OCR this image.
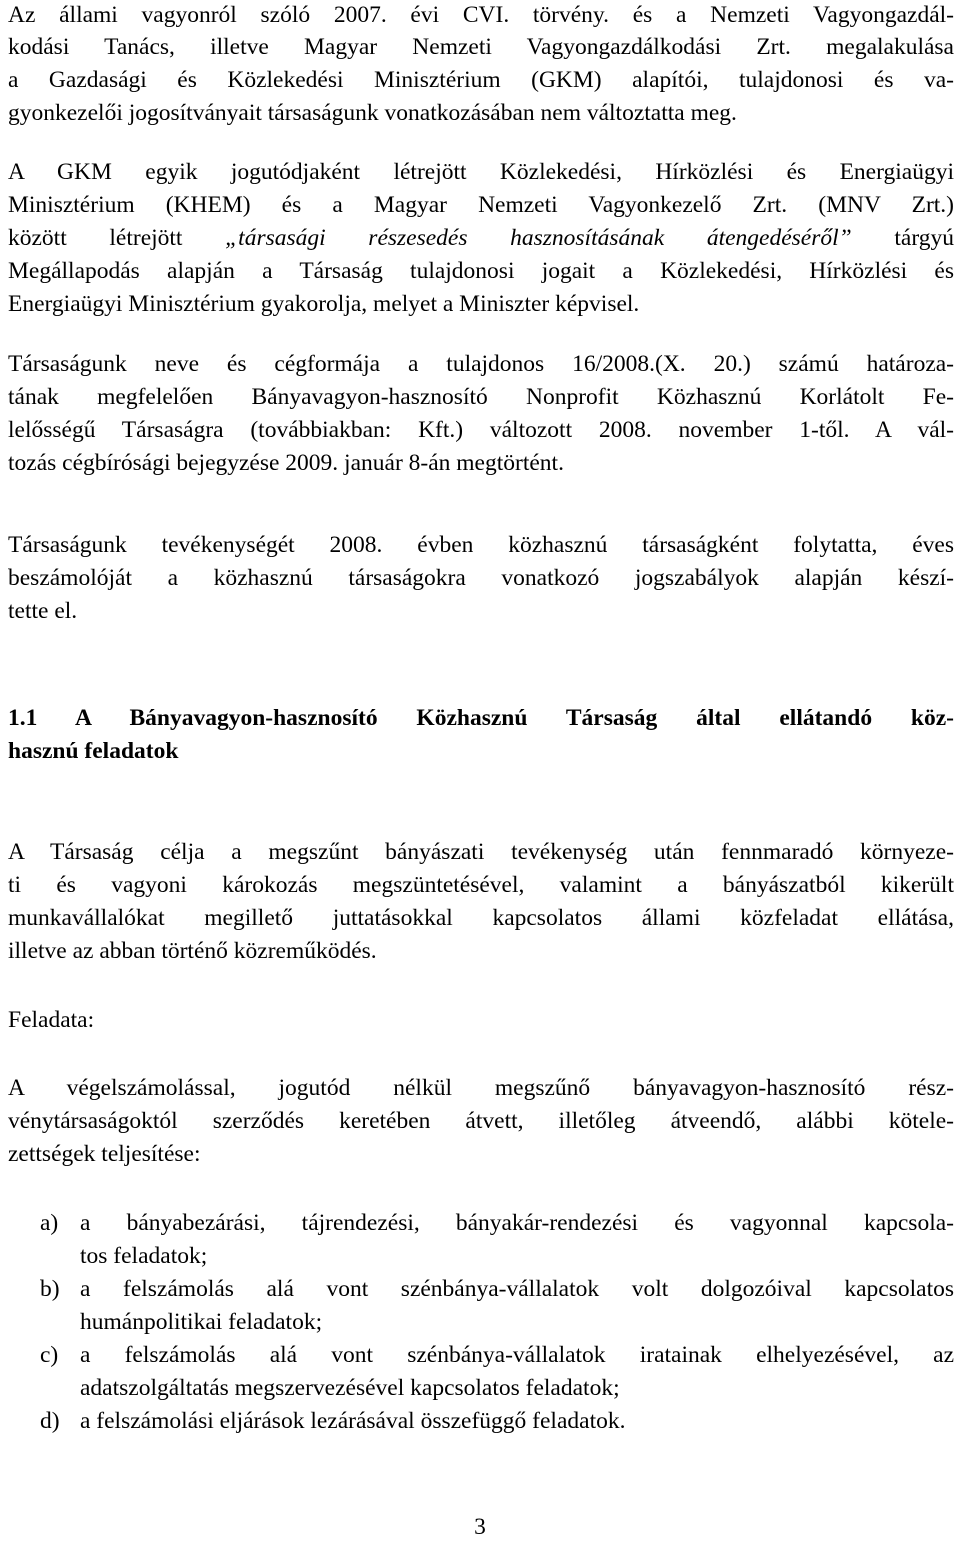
Az állami vagyonról szóló 2007. évi CVI. törvény. és a Nemzeti Vagyongazdál-
kodási Tanács, illetve Magyar Nemzeti Vagyongazdálkodási Zrt. megalakulása
a Gazdasági és Közlekedési Minisztérium (GKM) alapítói, tulajdonosi és va-
gyonkezelői jogosítványait társaságunk vonatkozásában nem változtatta meg.
A GKM egyik jogutódjaként létrejött Közlekedési, Hírközlési és Energiaügyi
Minisztérium (KHEM) és a Magyar Nemzeti Vagyonkezelő Zrt. (MNV Zrt.)
között létrejött „társasági részesedés hasznosításának átengedéséről” tárgyú
Megállapodás alapján a Társaság tulajdonosi jogait a Közlekedési, Hírközlési és
Energiaügyi Minisztérium gyakorolja, melyet a Miniszter képvisel.
Társaságunk neve és cégformája a tulajdonos 16/2008.(X. 20.) számú határoza-
tának megfelelően Bányavagyon-hasznosító Nonprofit Közhasznú Korlátolt Fe-
lelősségű Társaságra (továbbiakban: Kft.) változott 2008. november 1-től. A vál-
tozás cégbírósági bejegyzése 2009. január 8-án megtörtént.
Társaságunk tevékenységét 2008. évben közhasznú társaságként folytatta, éves
beszámolóját a közhasznú társaságokra vonatkozó jogszabályok alapján készí-
tette el.
1.1 A Bányavagyon-hasznosító Közhasznú Társaság által ellátandó köz-
hasznú feladatok
A Társaság célja a megszűnt bányászati tevékenység után fennmaradó környeze-
ti és vagyoni károkozás megszüntetésével, valamint a bányászatból kikerült
munkavállalókat megillető juttatásokkal kapcsolatos állami közfeladat ellátása,
illetve az abban történő közreműködés.
Feladata:
A végelszámolással, jogutód nélkül megszűnő bányavagyon-hasznosító rész-
vénytársaságoktól szerződés keretében átvett, illetőleg átveendő, alábbi kötele-
zettségek teljesítése:
a) a bányabezárási, tájrendezési, bányakár-rendezési és vagyonnal kapcsola-
tos feladatok;
b) a felszámolás alá vont szénbánya-vállalatok volt dolgozóival kapcsolatos
humánpolitikai feladatok;
c) a felszámolás alá vont szénbánya-vállalatok iratainak elhelyezésével, az
adatszolgáltatás megszervezésével kapcsolatos feladatok;
d) a felszámolási eljárások lezárásával összefüggő feladatok.
3
